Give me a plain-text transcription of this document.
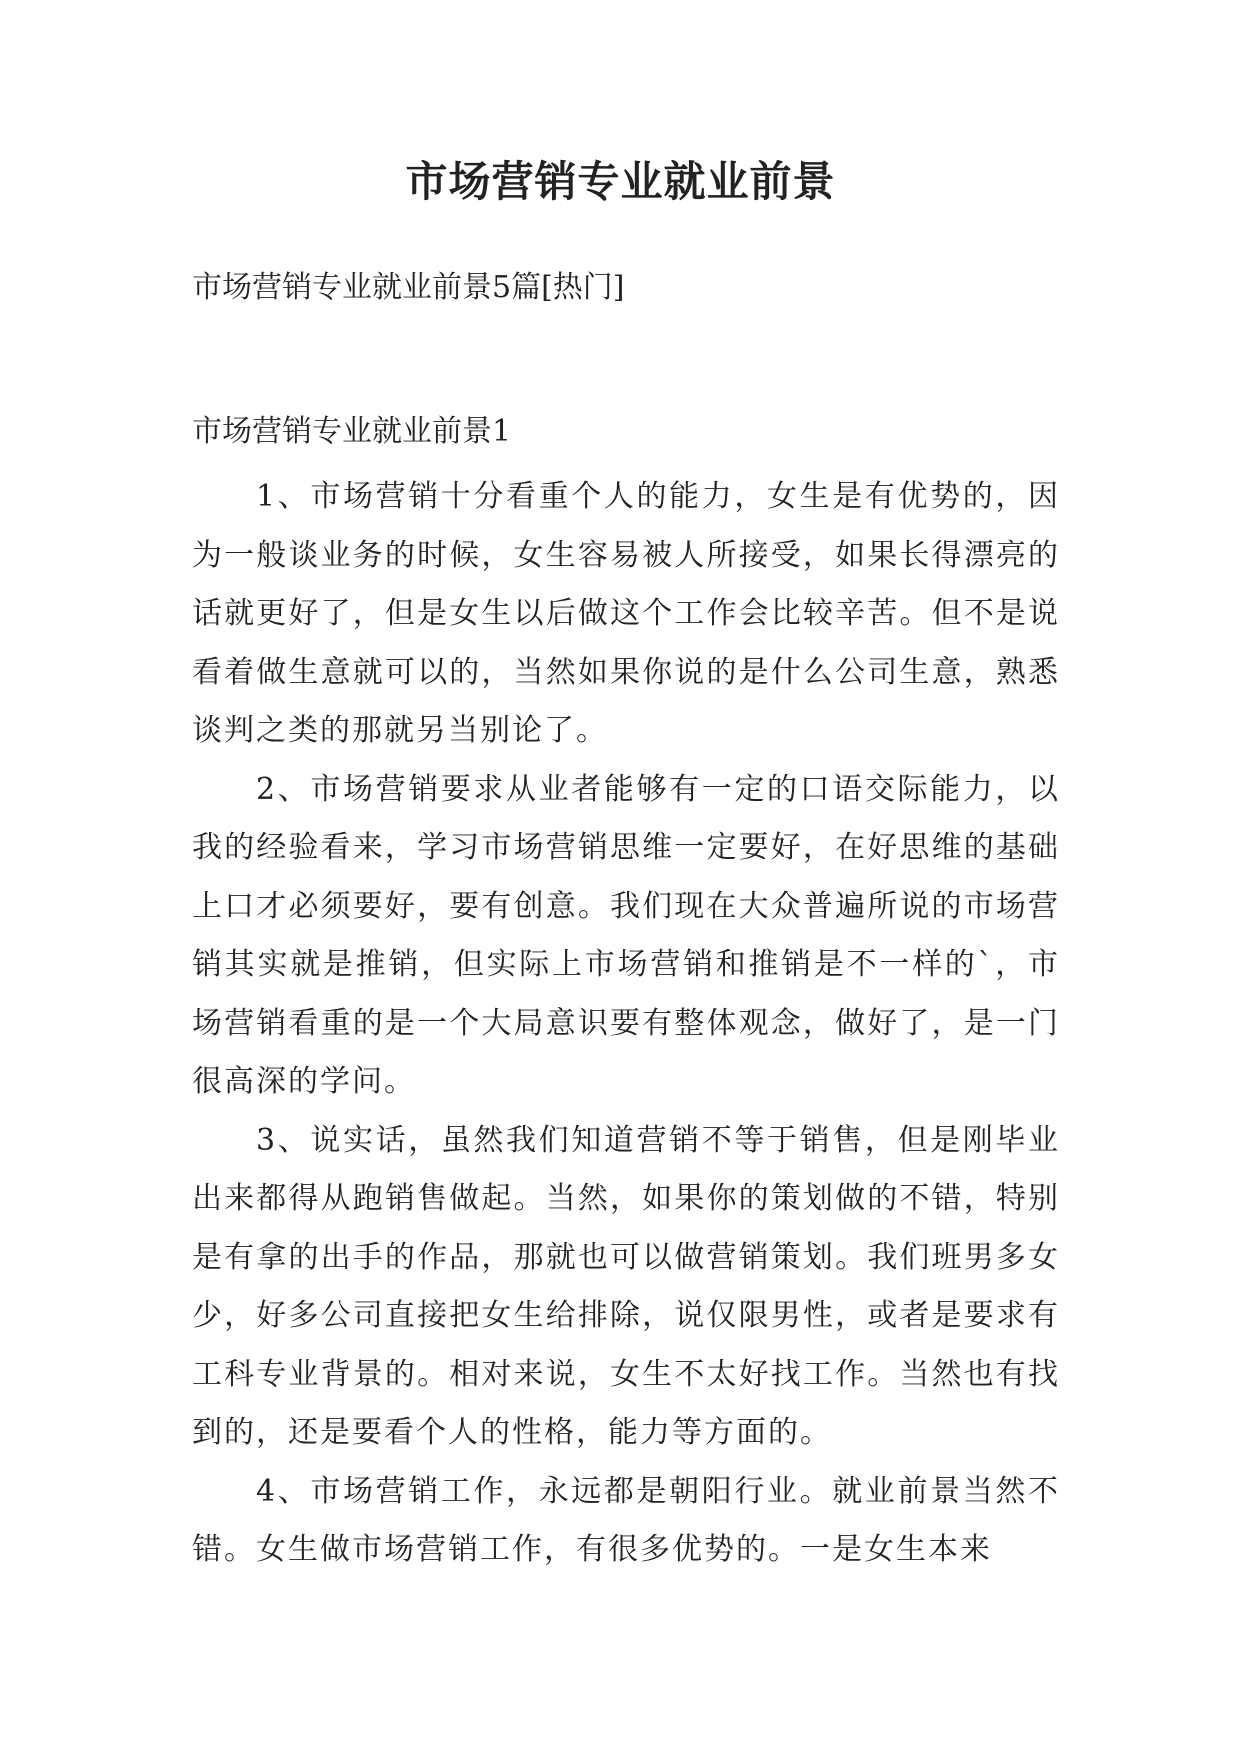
市场营销专业就业前景

市场营销专业就业前景5篇[热门]

市场营销专业就业前景1

1、市场营销十分看重个人的能力，女生是有优势的，因为一般谈业务的时候，女生容易被人所接受，如果长得漂亮的话就更好了，但是女生以后做这个工作会比较辛苦。但不是说看着做生意就可以的，当然如果你说的是什么公司生意，熟悉谈判之类的那就另当别论了。

2、市场营销要求从业者能够有一定的口语交际能力，以我的经验看来，学习市场营销思维一定要好，在好思维的基础上口才必须要好，要有创意。我们现在大众普遍所说的市场营销其实就是推销，但实际上市场营销和推销是不一样的`，市场营销看重的是一个大局意识要有整体观念，做好了，是一门很高深的学问。

3、说实话，虽然我们知道营销不等于销售，但是刚毕业出来都得从跑销售做起。当然，如果你的策划做的不错，特别是有拿的出手的作品，那就也可以做营销策划。我们班男多女少，好多公司直接把女生给排除，说仅限男性，或者是要求有工科专业背景的。相对来说，女生不太好找工作。当然也有找到的，还是要看个人的性格，能力等方面的。

4、市场营销工作，永远都是朝阳行业。就业前景当然不错。女生做市场营销工作，有很多优势的。一是女生本来
